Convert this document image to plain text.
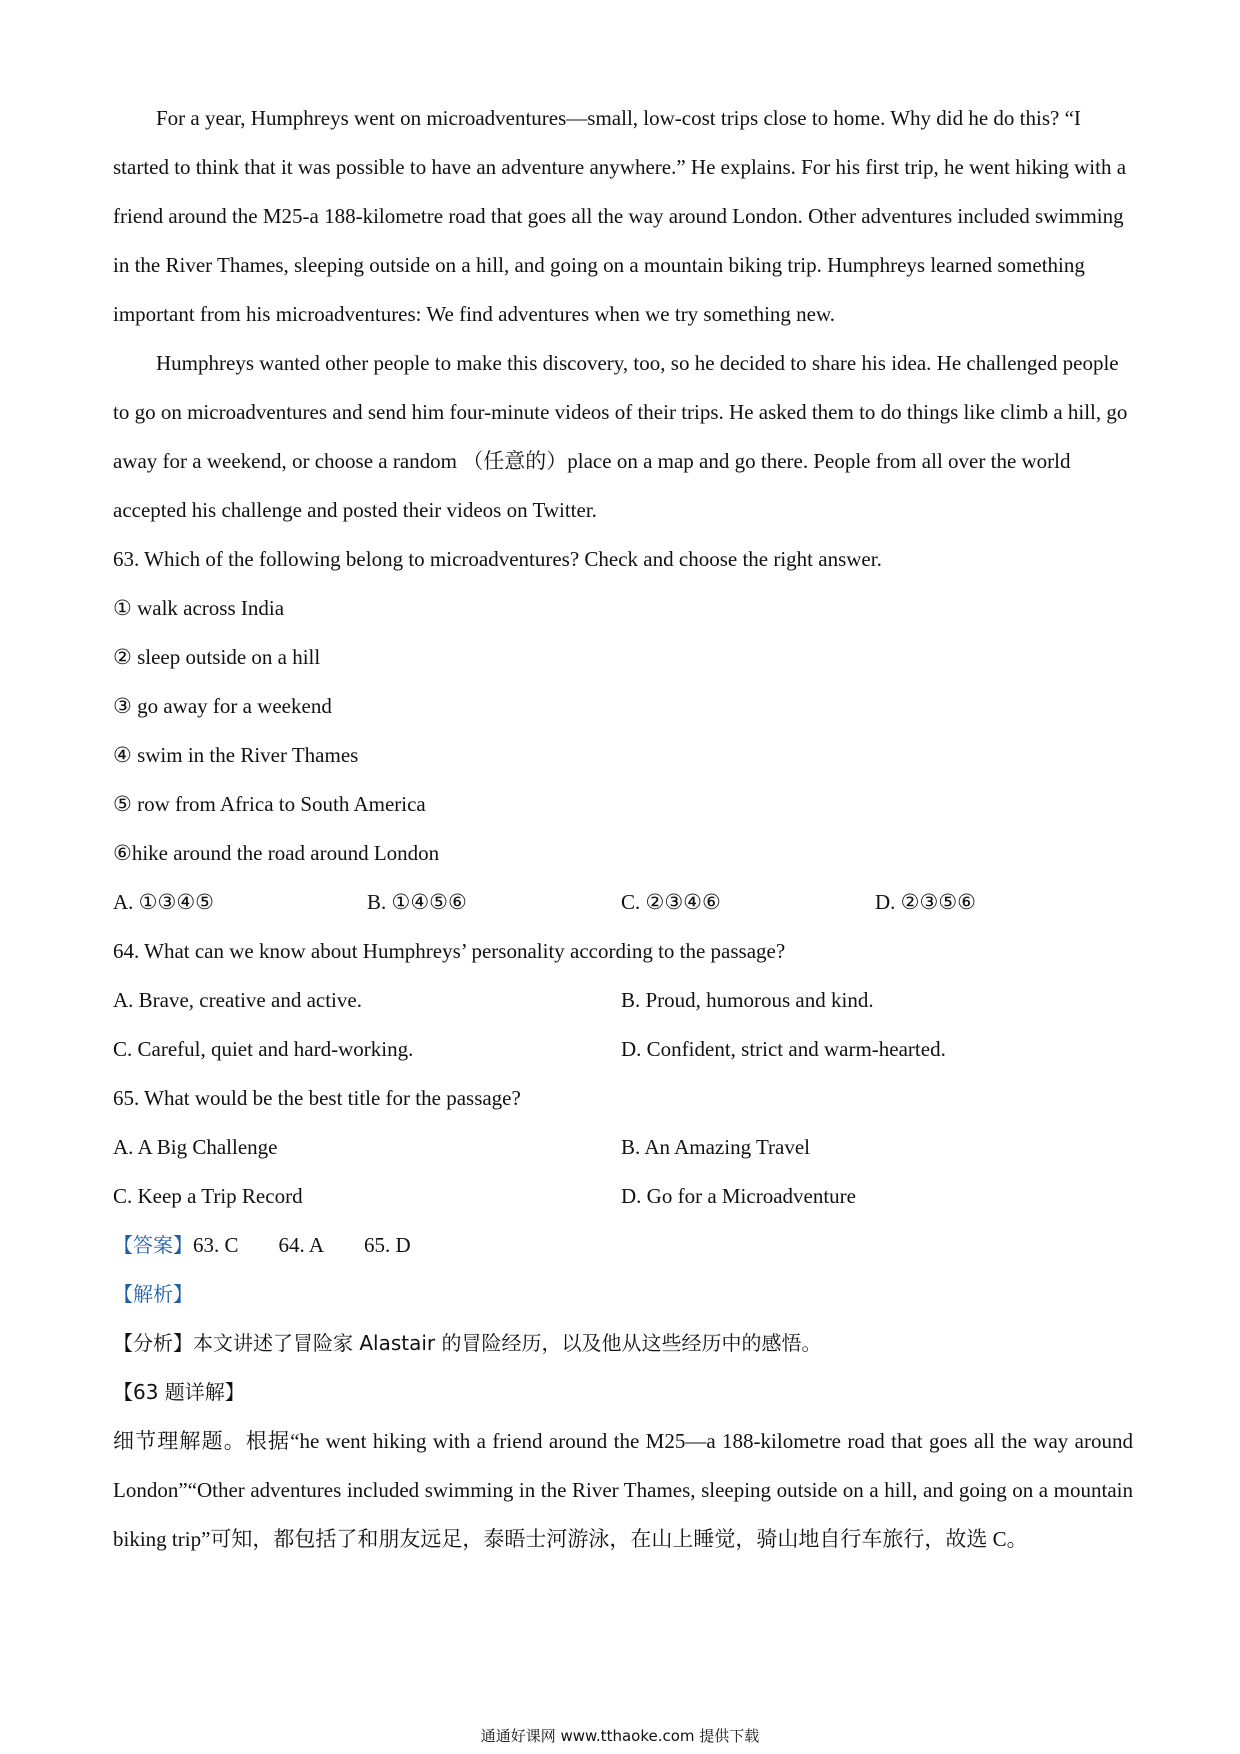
For a year, Humphreys went on microadventures—small, low-cost trips close to home. Why did he do this? “I started to think that it was possible to have an adventure anywhere.” He explains. For his first trip, he went hiking with a friend around the M25-a 188-kilometre road that goes all the way around London. Other adventures included swimming in the River Thames, sleeping outside on a hill, and going on a mountain biking trip. Humphreys learned something important from his microadventures: We find adventures when we try something new.

Humphreys wanted other people to make this discovery, too, so he decided to share his idea. He challenged people to go on microadventures and send him four-minute videos of their trips. He asked them to do things like climb a hill, go away for a weekend, or choose a random （任意的）place on a map and go there. People from all over the world accepted his challenge and posted their videos on Twitter.

63. Which of the following belong to microadventures? Check and choose the right answer.
① walk across India
② sleep outside on a hill
③ go away for a weekend
④ swim in the River Thames
⑤ row from Africa to South America
⑥hike around the road around London
A. ①③④⑤	B. ①④⑤⑥	C. ②③④⑥	D. ②③⑤⑥
64. What can we know about Humphreys’ personality according to the passage?
A. Brave, creative and active.	B. Proud, humorous and kind.
C. Careful, quiet and hard-working.	D. Confident, strict and warm-hearted.
65. What would be the best title for the passage?
A. A Big Challenge	B. An Amazing Travel
C. Keep a Trip Record	D. Go for a Microadventure
【答案】63. C 64. A 65. D
【解析】
【分析】本文讲述了冒险家 Alastair 的冒险经历，以及他从这些经历中的感悟。
【63 题详解】

细节理解题。根据“he went hiking with a friend around the M25—a 188-kilometre road that goes all the way around London”“Other adventures included swimming in the River Thames, sleeping outside on a hill, and going on a mountain biking trip”可知，都包括了和朋友远足，泰晤士河游泳，在山上睡觉，骑山地自行车旅行，故选 C。

通通好课网 www.tthaoke.com 提供下载
